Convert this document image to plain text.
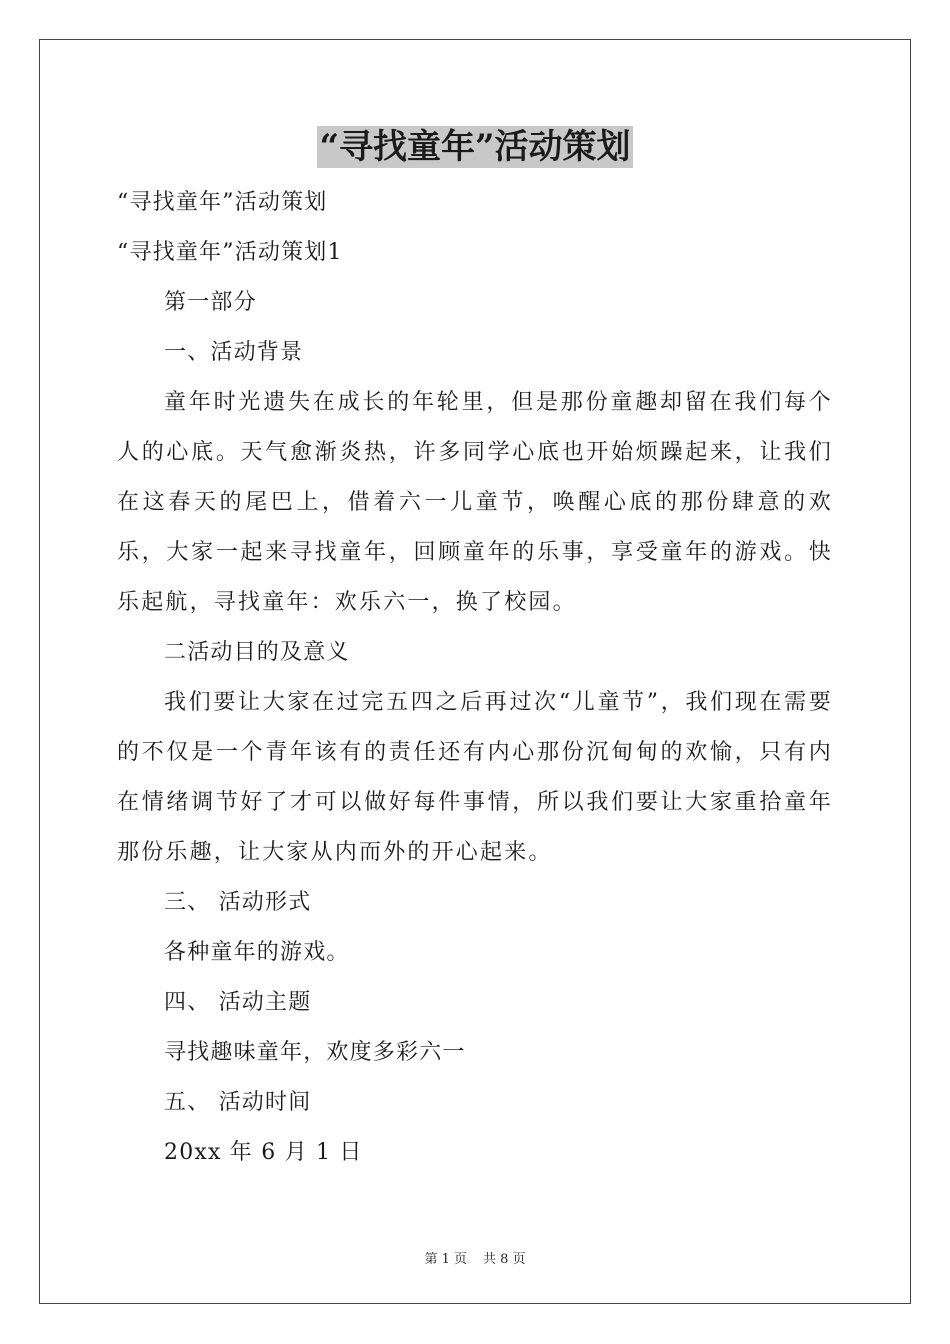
“寻找童年”活动策划

“寻找童年”活动策划

“寻找童年”活动策划1

第一部分

一、活动背景

童年时光遗失在成长的年轮里，但是那份童趣却留在我们每个人的心底。天气愈渐炎热，许多同学心底也开始烦躁起来，让我们在这春天的尾巴上，借着六一儿童节，唤醒心底的那份肆意的欢乐，大家一起来寻找童年，回顾童年的乐事，享受童年的游戏。快乐起航，寻找童年：欢乐六一，换了校园。

二活动目的及意义

我们要让大家在过完五四之后再过次“儿童节”，我们现在需要的不仅是一个青年该有的责任还有内心那份沉甸甸的欢愉，只有内在情绪调节好了才可以做好每件事情，所以我们要让大家重拾童年那份乐趣，让大家从内而外的开心起来。

三、 活动形式

各种童年的游戏。

四、 活动主题

寻找趣味童年，欢度多彩六一

五、 活动时间

20xx 年 6 月 1 日

第 1 页 共 8 页
